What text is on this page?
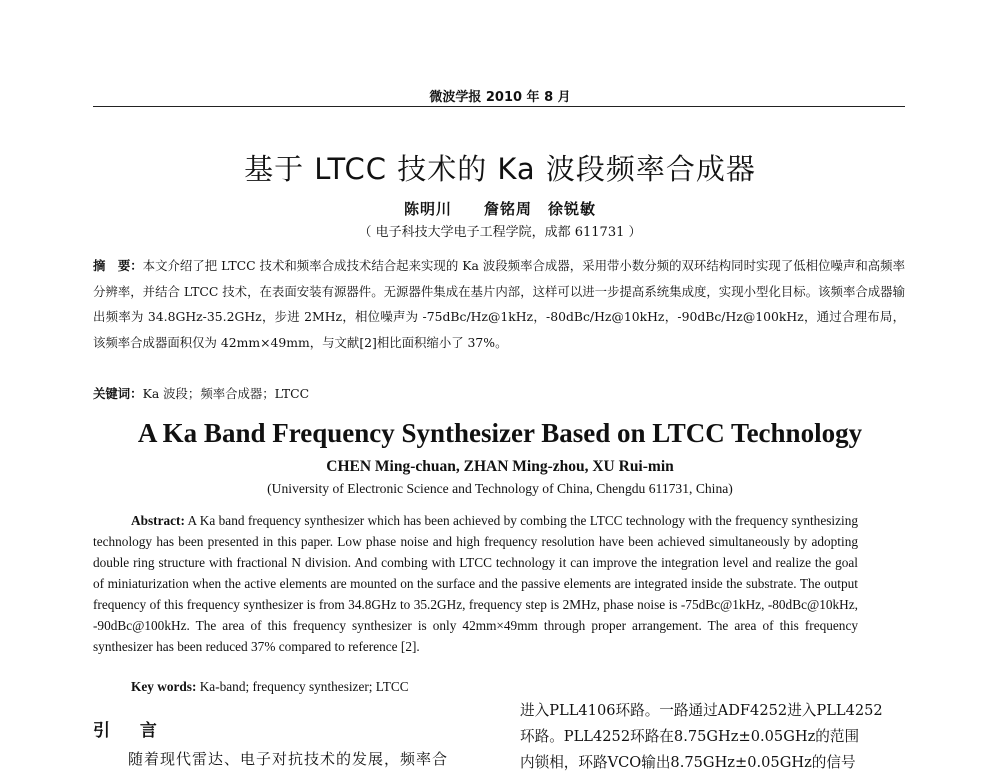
微波学报 2010 年 8 月
基于 LTCC 技术的 Ka 波段频率合成器
陈明川　　詹铭周　徐锐敏
（ 电子科技大学电子工程学院，成都 611731 ）
摘　要：本文介绍了把 LTCC 技术和频率合成技术结合起来实现的 Ka 波段频率合成器，采用带小数分频的双环结构同时实现了低相位噪声和高频率分辨率，并结合 LTCC 技术，在表面安装有源器件。无源器件集成在基片内部，这样可以进一步提高系统集成度，实现小型化目标。该频率合成器输出频率为 34.8GHz-35.2GHz，步进 2MHz，相位噪声为 -75dBc/Hz@1kHz，-80dBc/Hz@10kHz，-90dBc/Hz@100kHz，通过合理布局，该频率合成器面积仅为 42mm×49mm，与文献[2]相比面积缩小了 37%。
关键词：Ka 波段；频率合成器；LTCC
A Ka Band Frequency Synthesizer Based on LTCC Technology
CHEN Ming-chuan, ZHAN Ming-zhou, XU Rui-min
(University of Electronic Science and Technology of China, Chengdu 611731, China)
Abstract: A Ka band frequency synthesizer which has been achieved by combing the LTCC technology with the frequency synthesizing technology has been presented in this paper. Low phase noise and high frequency resolution have been achieved simultaneously by adopting double ring structure with fractional N division. And combing with LTCC technology it can improve the integration level and realize the goal of miniaturization when the active elements are mounted on the surface and the passive elements are integrated inside the substrate. The output frequency of this frequency synthesizer is from 34.8GHz to 35.2GHz, frequency step is 2MHz, phase noise is -75dBc@1kHz, -80dBc@10kHz, -90dBc@100kHz. The area of this frequency synthesizer is only 42mm×49mm through proper arrangement. The area of this frequency synthesizer has been reduced 37% compared to reference [2].
Key words: Ka-band; frequency synthesizer; LTCC
引 言
随着现代雷达、电子对抗技术的发展，频率合
进入PLL4106环路。一路通过ADF4252进入PLL4252
环路。PLL4252环路在8.75GHz±0.05GHz的范围
内锁相，环路VCO输出8.75GHz±0.05GHz的信号
